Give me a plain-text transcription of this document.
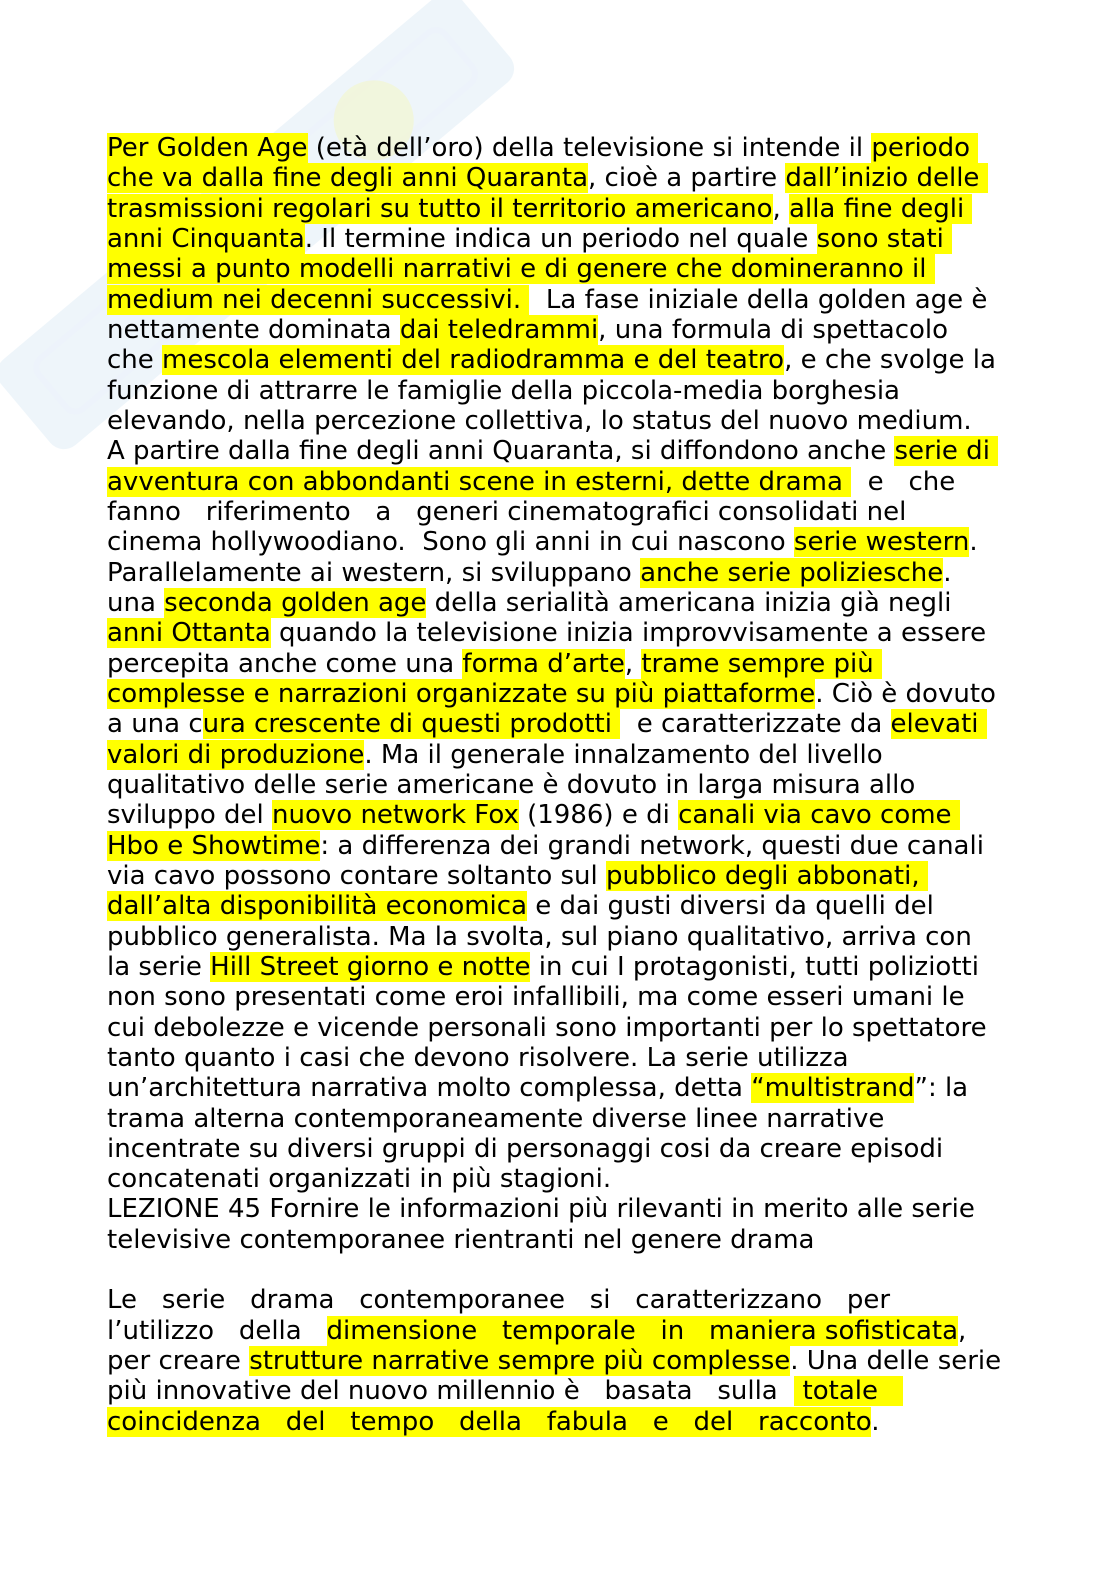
Per Golden Age (età dell’oro) della televisione si intende il periodo
che va dalla fine degli anni Quaranta, cioè a partire dall’inizio delle
trasmissioni regolari su tutto il territorio americano, alla fine degli
anni Cinquanta. Il termine indica un periodo nel quale sono stati
messi a punto modelli narrativi e di genere che domineranno il
medium nei decenni successivi.   La fase iniziale della golden age è
nettamente dominata dai teledrammi, una formula di spettacolo
che mescola elementi del radiodramma e del teatro, e che svolge la
funzione di attrarre le famiglie della piccola-media borghesia
elevando, nella percezione collettiva, lo status del nuovo medium.
A partire dalla fine degli anni Quaranta, si diffondono anche serie di
avventura con abbondanti scene in esterni, dette drama   e   che
fanno   riferimento   a   generi cinematografici consolidati nel
cinema hollywoodiano.  Sono gli anni in cui nascono serie western.
Parallelamente ai western, si sviluppano anche serie poliziesche.
una seconda golden age della serialità americana inizia già negli
anni Ottanta quando la televisione inizia improvvisamente a essere
percepita anche come una forma d’arte, trame sempre più
complesse e narrazioni organizzate su più piattaforme. Ciò è dovuto
a una cura crescente di questi prodotti   e caratterizzate da elevati
valori di produzione. Ma il generale innalzamento del livello
qualitativo delle serie americane è dovuto in larga misura allo
sviluppo del nuovo network Fox (1986) e di canali via cavo come
Hbo e Showtime: a differenza dei grandi network, questi due canali
via cavo possono contare soltanto sul pubblico degli abbonati,
dall’alta disponibilità economica e dai gusti diversi da quelli del
pubblico generalista. Ma la svolta, sul piano qualitativo, arriva con
la serie Hill Street giorno e notte in cui I protagonisti, tutti poliziotti
non sono presentati come eroi infallibili, ma come esseri umani le
cui debolezze e vicende personali sono importanti per lo spettatore
tanto quanto i casi che devono risolvere. La serie utilizza
un’architettura narrativa molto complessa, detta “multistrand”: la
trama alterna contemporaneamente diverse linee narrative
incentrate su diversi gruppi di personaggi cosi da creare episodi
concatenati organizzati in più stagioni.
LEZIONE 45 Fornire le informazioni più rilevanti in merito alle serie
televisive contemporanee rientranti nel genere drama
Le   serie   drama   contemporanee   si   caratterizzano   per
l’utilizzo   della   dimensione   temporale   in   maniera sofisticata,
per creare strutture narrative sempre più complesse. Una delle serie
più innovative del nuovo millennio è   basata   sulla   totale
coincidenza   del   tempo   della   fabula   e   del   racconto.
